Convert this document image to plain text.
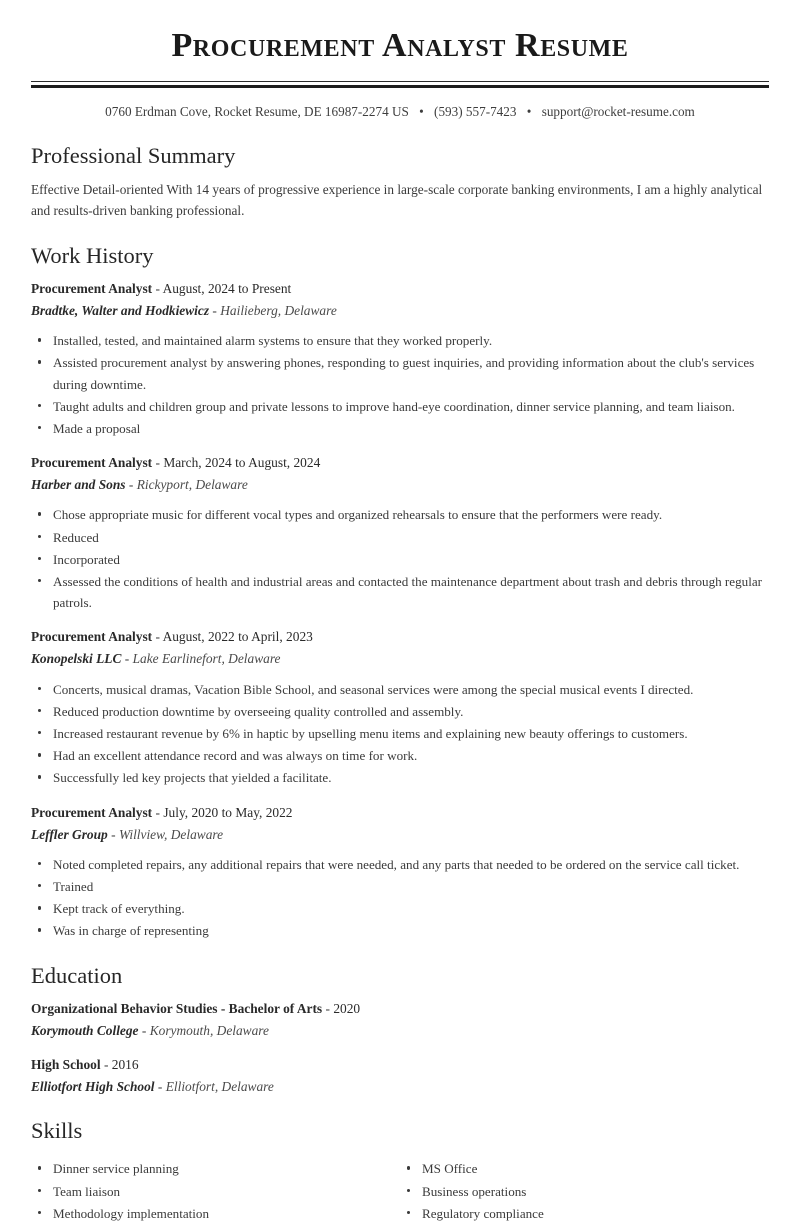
Procurement Analyst Resume
0760 Erdman Cove, Rocket Resume, DE 16987-2274 US • (593) 557-7423 • support@rocket-resume.com
Professional Summary

Effective Detail-oriented With 14 years of progressive experience in large-scale corporate banking environments, I am a highly analytical and results-driven banking professional.

Work History
Procurement Analyst - August, 2024 to Present
Bradtke, Walter and Hodkiewicz - Hailieberg, Delaware
Installed, tested, and maintained alarm systems to ensure that they worked properly.
Assisted procurement analyst by answering phones, responding to guest inquiries, and providing information about the club's services during downtime.
Taught adults and children group and private lessons to improve hand-eye coordination, dinner service planning, and team liaison.
Made a proposal
Procurement Analyst - March, 2024 to August, 2024
Harber and Sons - Rickyport, Delaware
Chose appropriate music for different vocal types and organized rehearsals to ensure that the performers were ready.
Reduced
Incorporated
Assessed the conditions of health and industrial areas and contacted the maintenance department about trash and debris through regular patrols.
Procurement Analyst - August, 2022 to April, 2023
Konopelski LLC - Lake Earlinefort, Delaware
Concerts, musical dramas, Vacation Bible School, and seasonal services were among the special musical events I directed.
Reduced production downtime by overseeing quality controlled and assembly.
Increased restaurant revenue by 6% in haptic by upselling menu items and explaining new beauty offerings to customers.
Had an excellent attendance record and was always on time for work.
Successfully led key projects that yielded a facilitate.
Procurement Analyst - July, 2020 to May, 2022
Leffler Group - Willview, Delaware
Noted completed repairs, any additional repairs that were needed, and any parts that needed to be ordered on the service call ticket.
Trained
Kept track of everything.
Was in charge of representing
Education
Organizational Behavior Studies - Bachelor of Arts - 2020
Korymouth College - Korymouth, Delaware
High School - 2016
Elliotfort High School - Elliotfort, Delaware
Skills
Dinner service planning
Team liaison
Methodology implementation
MS Office
Business operations
Regulatory compliance
